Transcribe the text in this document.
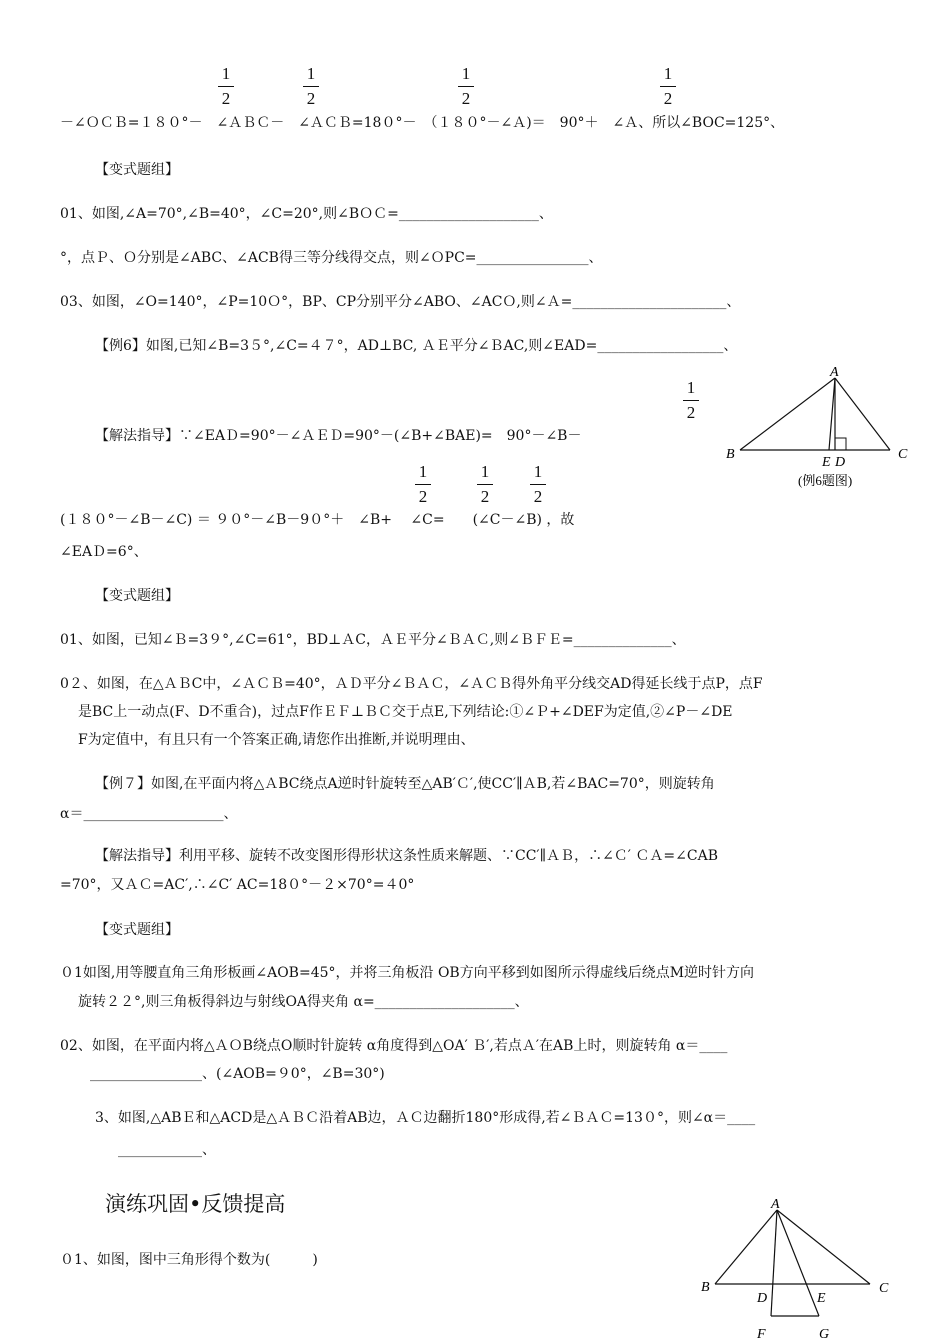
1
2
1
2
1
2
1
2
－∠ＯＣＢ=１８０°－　∠ＡＢＣ－　∠ＡＣＢ=18０°－　（１８０°－∠Ａ)＝　90°＋　∠Ａ、所以∠BOC=125°、
【变式题组】
01、如图,∠A=70°,∠B=40°，∠C=20°,则∠BＯＣ=____________________、
°，点Ｐ、Ｏ分别是∠ABC、∠ACB得三等分线得交点，则∠ＯPC=________________、
03、如图，∠O=140°，∠P=10Ｏ°，BP、CP分别平分∠ABO、∠ACＯ,则∠Ａ=______________________、
【例6】如图,已知∠B=3５°,∠C=４７°，AD⊥BC, ＡＥ平分∠ＢAC,则∠EAD=__________________、
1
2
【解法指导】∵∠EAＤ=90°－∠ＡＥＤ=90°－(∠B+∠BAE)=　90°－∠B－
A
B	C
E D
(例6题图)
1
2
1
2
1
2
(１８０°－∠B－∠C) ＝ ９０°－∠B－9０°＋　∠B+　 ∠C=　　(∠C－∠B) ，故
∠EAＤ=6°、
【变式题组】
01、如图，已知∠Ｂ=3９°,∠C=61°，BD⊥ＡC，ＡＥ平分∠ＢＡＣ,则∠ＢＦＥ=______________、
0２、如图，在△ＡＢC中，∠ＡＣＢ=40°，ＡＤ平分∠ＢＡＣ，∠ＡＣＢ得外角平分线交AD得延长线于点P，点F
是BC上一动点(F、D不重合)，过点F作ＥＦ⊥ＢＣ交于点E,下列结论:①∠Ｐ+∠DEF为定值,②∠P－∠DE
F为定值中，有且只有一个答案正确,请您作出推断,并说明理由、
【例７】如图,在平面内将△ＡBC绕点A逆时针旋转至△AB′Ｃ′,使CC′∥ＡB,若∠BAC=70°，则旋转角
α＝____________________、
【解法指导】利用平移、旋转不改变图形得形状这条性质来解题、∵CC′∥ＡＢ，∴∠Ｃ′ ＣＡ=∠CAB
=70°，又ＡＣ=AC′,∴∠C′ AC=18０°－２×70°=４0°
【变式题组】
０1如图,用等腰直角三角形板画∠AOB=45°，并将三角板沿 OB方向平移到如图所示得虚线后绕点M逆时针方向
旋转２２°,则三角板得斜边与射线OA得夹角 α=____________________、
02、如图，在平面内将△ＡＯB绕点O顺时针旋转 α角度得到△OA′ Ｂ′,若点Ａ′在AB上时，则旋转角 α＝____
________________、(∠AOB=９0°，∠B=30°)
3、如图,△ABＥ和△ACD是△ＡＢＣ沿着AB边，ＡＣ边翻折180°形成得,若∠ＢＡＣ=13０°，则∠α＝____
____________、
演练巩固•反馈提高
０1、如图，图中三角形得个数为(　　　)
A
B	C
D	E
F	G
